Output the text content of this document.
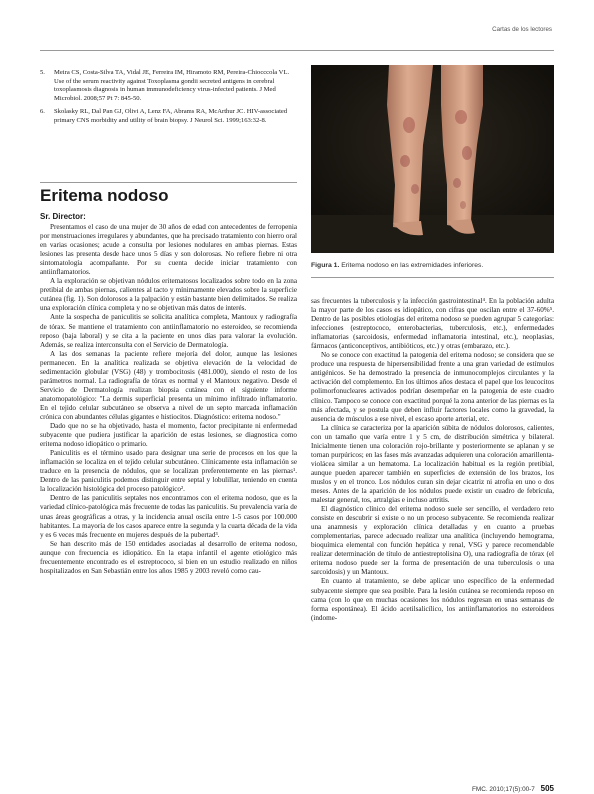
Cartas de los lectores
5.	Meira CS, Costa-Silva TA, Vidal JE, Ferreira IM, Hiramoto RM, Pereira-Chiocccola VL. Use of the serum reactivity against Toxoplasma gondii secreted antigens in cerebral toxoplasmosis diagnosis in human immunodeficiency virus-infected patients. J Med Microbiol. 2008;57 Pt 7: 845-50.
6.	Skolasky RL, Dal Pan GJ, Olivi A, Lenz FA, Abrams RA, McArthur JC. HIV-associated primary CNS morbidity and utility of brain biopsy. J Neurol Sci. 1999;163:32-8.
Eritema nodoso
Figura 1. Eritema nodoso en las extremidades inferiores.
Sr. Director:

Presentamos el caso de una mujer de 30 años de edad con antecedentes de ferropenia por menstruaciones irregulares y abundantes, que ha precisado tratamiento con hierro oral en varias ocasiones; acude a consulta por lesiones nodulares en ambas piernas. Estas lesiones las presenta desde hace unos 5 días y son dolorosas. No refiere fiebre ni otra sintomatología acompañante. Por su cuenta decide iniciar tratamiento con antiinflamatorios.

A la exploración se objetivan nódulos eritematosos localizados sobre todo en la zona pretibial de ambas piernas, calientes al tacto y mínimamente elevados sobre la superficie cutánea (fig. 1). Son dolorosos a la palpación y están bastante bien delimitados. Se realiza una exploración clínica completa y no se objetivan más datos de interés.

Ante la sospecha de paniculitis se solicita analítica completa, Mantoux y radiografía de tórax. Se mantiene el tratamiento con antiinflamatorio no esteroideo, se recomienda reposo (baja laboral) y se cita a la paciente en unos días para valorar la evolución. Además, se realiza interconsulta con el Servicio de Dermatología.

A las dos semanas la paciente refiere mejoría del dolor, aunque las lesiones permanecen. En la analítica realizada se objetiva elevación de la velocidad de sedimentación globular (VSG) (48) y trombocitosis (481.000), siendo el resto de los parámetros normal. La radiografía de tórax es normal y el Mantoux negativo. Desde el Servicio de Dermatología realizan biopsia cutánea con el siguiente informe anatomopatológico: "La dermis superficial presenta un mínimo infiltrado inflamatorio. En el tejido celular subcutáneo se observa a nivel de un septo marcada inflamación crónica con abundantes células gigantes e histiocitos. Diagnóstico: eritema nodoso."

Dado que no se ha objetivado, hasta el momento, factor precipitante ni enfermedad subyacente que pudiera justificar la aparición de estas lesiones, se diagnostica como eritema nodoso idiopático o primario.

Paniculitis es el término usado para designar una serie de procesos en los que la inflamación se localiza en el tejido celular subcutáneo. Clínicamente esta inflamación se traduce en la presencia de nódulos, que se localizan preferentemente en las piernas¹. Dentro de las paniculitis podemos distinguir entre septal y lobulillar, teniendo en cuenta la localización histológica del proceso patológico².

Dentro de las paniculitis septales nos encontramos con el eritema nodoso, que es la variedad clínico-patológica más frecuente de todas las paniculitis. Su prevalencia varía de unas áreas geográficas a otras, y la incidencia anual oscila entre 1-5 casos por 100.000 habitantes. La mayoría de los casos aparece entre la segunda y la cuarta década de la vida y es 6 veces más frecuente en mujeres después de la pubertad³.

Se han descrito más de 150 entidades asociadas al desarrollo de eritema nodoso, aunque con frecuencia es idiopático. En la etapa infantil el agente etiológico más frecuentemente encontrado es el estreptococo, si bien en un estudio realizado en niños hospitalizados en San Sebastián entre los años 1985 y 2003 reveló como cau-

sas frecuentes la tuberculosis y la infección gastrointestinal⁴. En la población adulta la mayor parte de los casos es idiopático, con cifras que oscilan entre el 37-60%⁵. Dentro de las posibles etiologías del eritema nodoso se pueden agrupar 5 categorías: infecciones (estreptococo, enterobacterias, tuberculosis, etc.), enfermedades inflamatorias (sarcoidosis, enfermedad inflamatoria intestinal, etc.), neoplasias, fármacos (anticonceptivos, antibióticos, etc.) y otras (embarazo, etc.).

No se conoce con exactitud la patogenia del eritema nodoso; se considera que se produce una respuesta de hipersensibilidad frente a una gran variedad de estímulos antigénicos. Se ha demostrado la presencia de inmunocomplejos circulantes y la activación del complemento. En los últimos años destaca el papel que los leucocitos polimorfonucleares activados podrían desempeñar en la patogenia de este cuadro clínico. Tampoco se conoce con exactitud porqué la zona anterior de las piernas es la más afectada, y se postula que deben influir factores locales como la gravedad, la ausencia de músculos a ese nivel, el escaso aporte arterial, etc.

La clínica se caracteriza por la aparición súbita de nódulos dolorosos, calientes, con un tamaño que varía entre 1 y 5 cm, de distribución simétrica y bilateral. Inicialmente tienen una coloración rojo-brillante y posteriormente se aplanan y se tornan purpúricos; en las fases más avanzadas adquieren una coloración amarillenta-violácea similar a un hematoma. La localización habitual es la región pretibial, aunque pueden aparecer también en superficies de extensión de los brazos, los muslos y en el tronco. Los nódulos curan sin dejar cicatriz ni atrofia en uno o dos meses. Antes de la aparición de los nódulos puede existir un cuadro de febrícula, malestar general, tos, artralgias e incluso artritis.

El diagnóstico clínico del eritema nodoso suele ser sencillo, el verdadero reto consiste en descubrir si existe o no un proceso subyacente. Se recomienda realizar una anamnesis y exploración clínica detalladas y en cuanto a pruebas complementarias, parece adecuado realizar una analítica (incluyendo hemograma, bioquímica elemental con función hepática y renal, VSG y parece recomendable realizar determinación de título de antiestreptolisina O), una radiografía de tórax (el eritema nodoso puede ser la forma de presentación de una tuberculosis o una sarcoidosis) y un Mantoux.

En cuanto al tratamiento, se debe aplicar uno específico de la enfermedad subyacente siempre que sea posible. Para la lesión cutánea se recomienda reposo en cama (con lo que en muchas ocasiones los nódulos regresan en unas semanas de forma espontánea). El ácido acetilsalicílico, los antiinflamatorios no esteroideos (indome-

FMC. 2010;17(5):00-7 505
